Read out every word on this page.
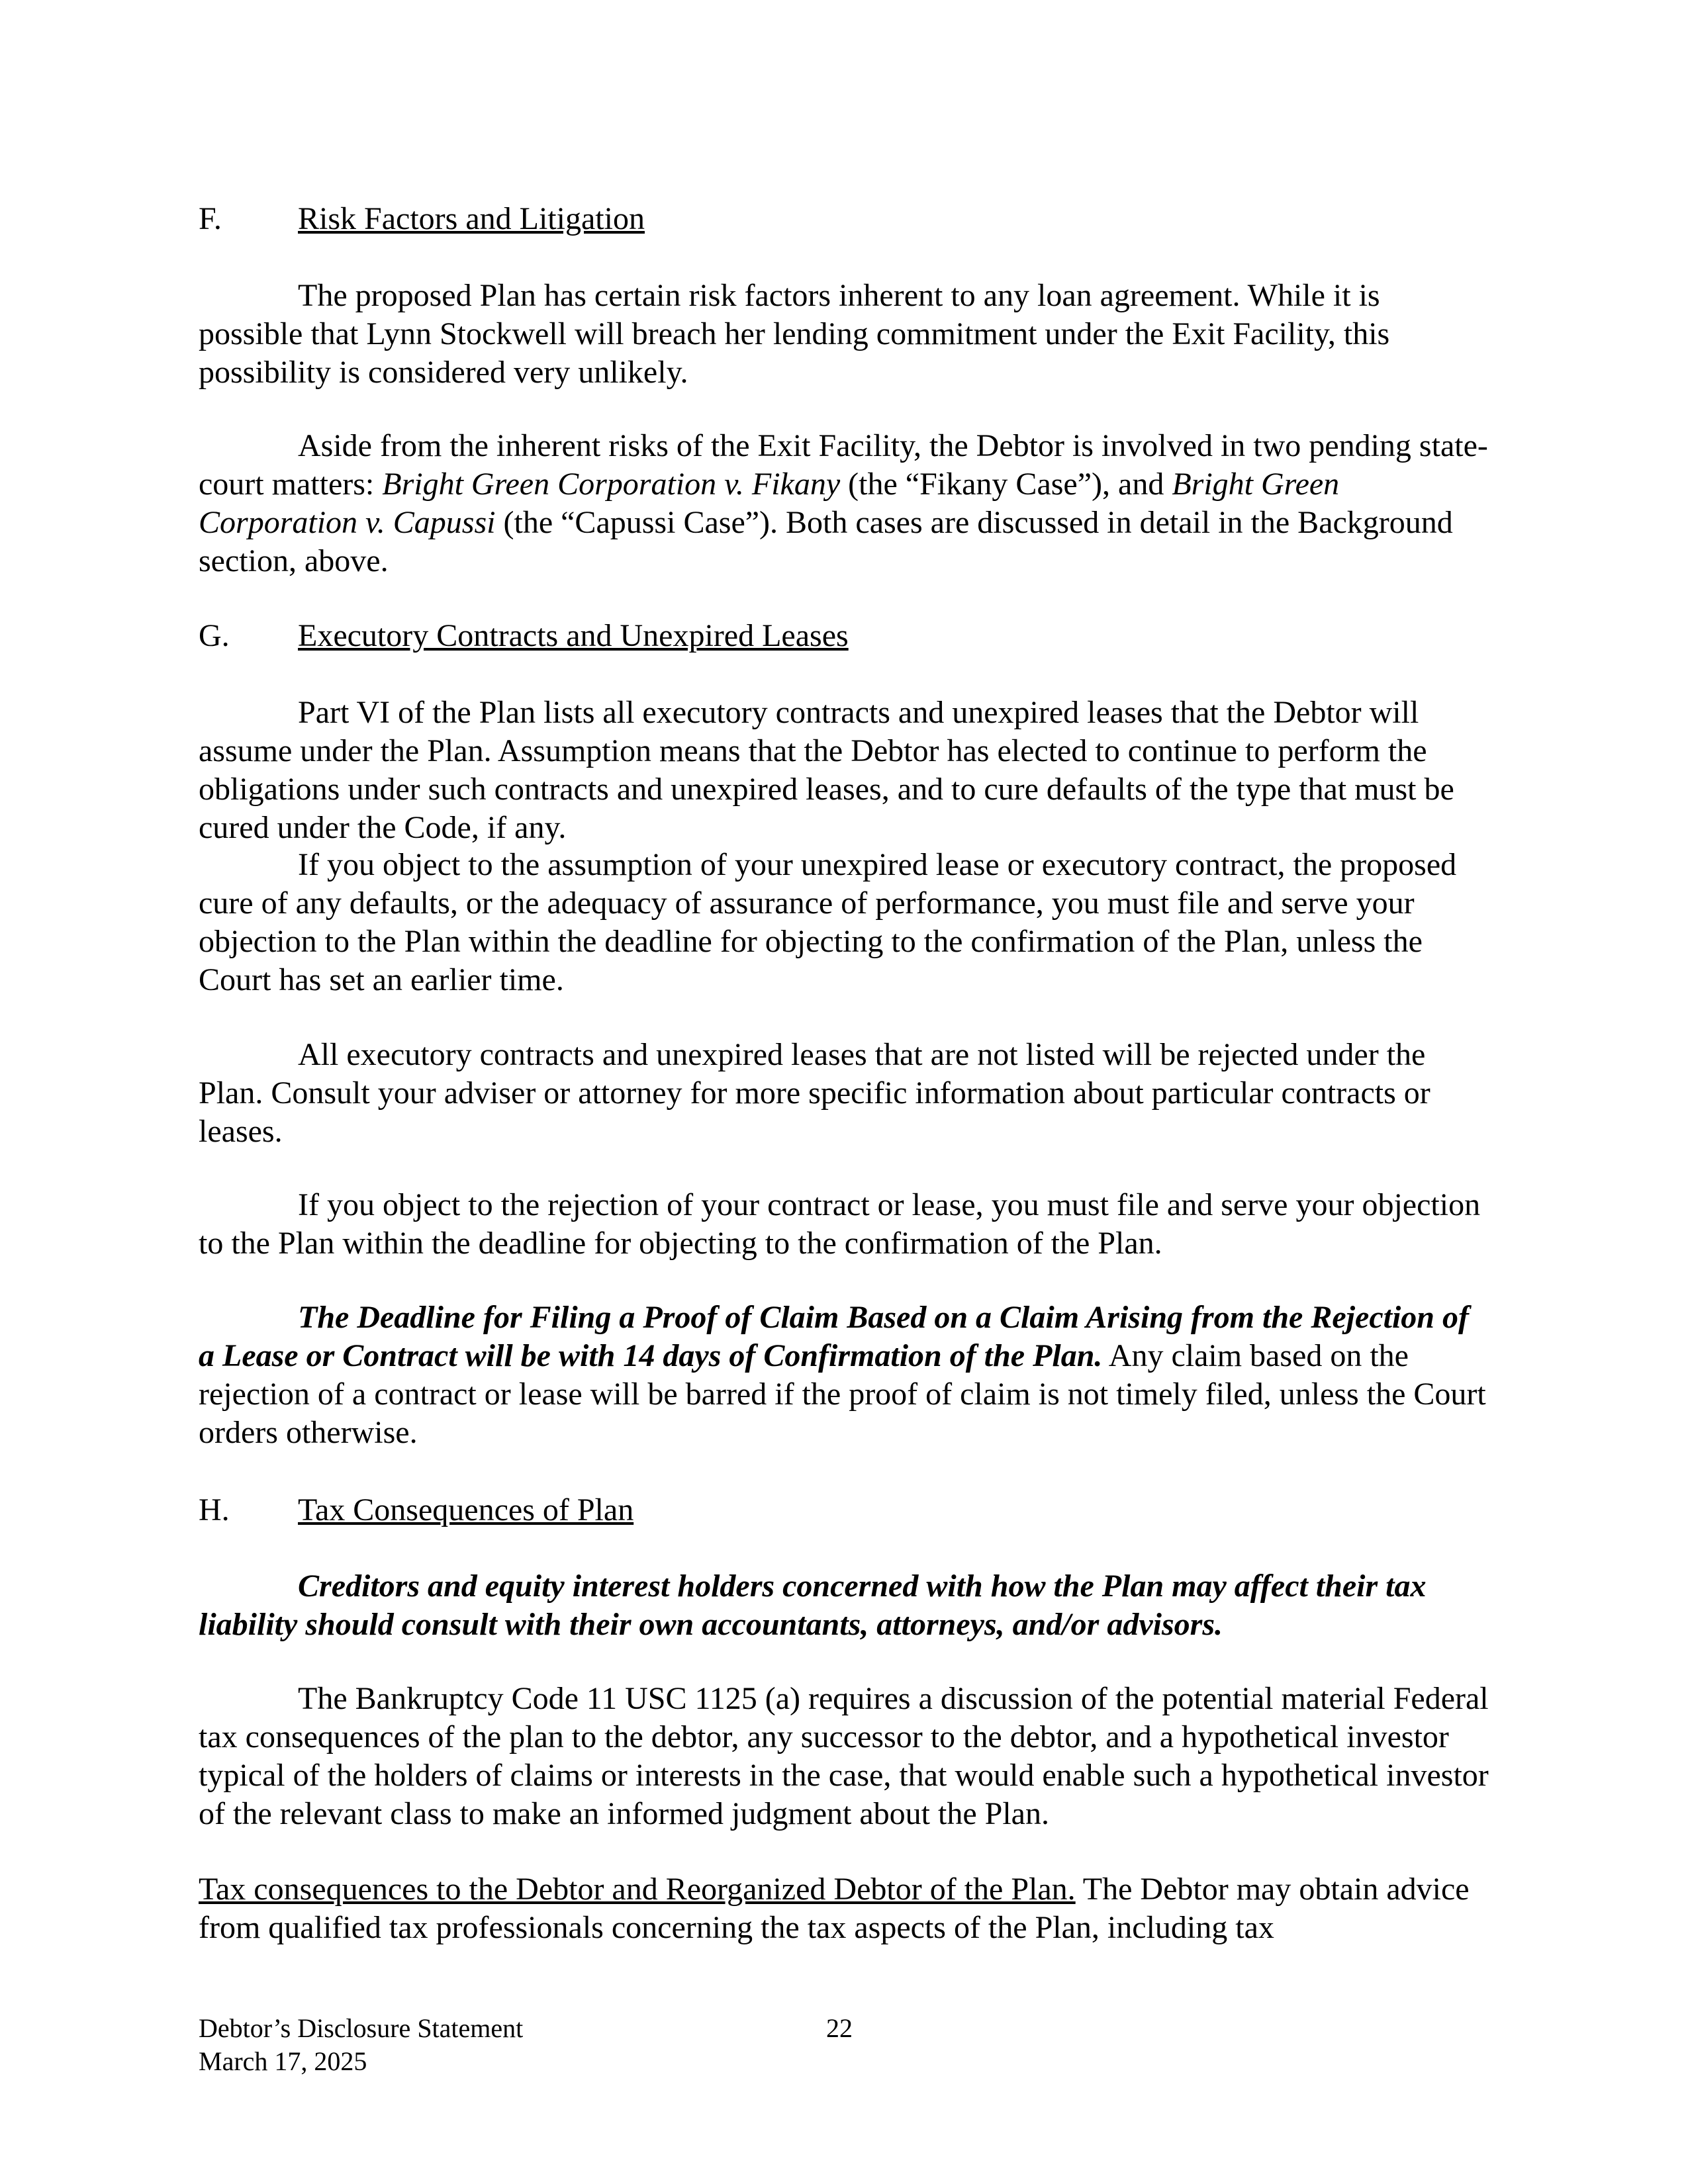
F. Risk Factors and Litigation

The proposed Plan has certain risk factors inherent to any loan agreement. While it is possible that Lynn Stockwell will breach her lending commitment under the Exit Facility, this possibility is considered very unlikely.

Aside from the inherent risks of the Exit Facility, the Debtor is involved in two pending state-court matters: Bright Green Corporation v. Fikany (the “Fikany Case”), and Bright Green Corporation v. Capussi (the “Capussi Case”). Both cases are discussed in detail in the Background section, above.

G. Executory Contracts and Unexpired Leases

Part VI of the Plan lists all executory contracts and unexpired leases that the Debtor will assume under the Plan. Assumption means that the Debtor has elected to continue to perform the obligations under such contracts and unexpired leases, and to cure defaults of the type that must be cured under the Code, if any.

If you object to the assumption of your unexpired lease or executory contract, the proposed cure of any defaults, or the adequacy of assurance of performance, you must file and serve your objection to the Plan within the deadline for objecting to the confirmation of the Plan, unless the Court has set an earlier time.

All executory contracts and unexpired leases that are not listed will be rejected under the Plan. Consult your adviser or attorney for more specific information about particular contracts or leases.

If you object to the rejection of your contract or lease, you must file and serve your objection to the Plan within the deadline for objecting to the confirmation of the Plan.

The Deadline for Filing a Proof of Claim Based on a Claim Arising from the Rejection of a Lease or Contract will be with 14 days of Confirmation of the Plan. Any claim based on the rejection of a contract or lease will be barred if the proof of claim is not timely filed, unless the Court orders otherwise.

H. Tax Consequences of Plan

Creditors and equity interest holders concerned with how the Plan may affect their tax liability should consult with their own accountants, attorneys, and/or advisors.

The Bankruptcy Code 11 USC 1125 (a) requires a discussion of the potential material Federal tax consequences of the plan to the debtor, any successor to the debtor, and a hypothetical investor typical of the holders of claims or interests in the case, that would enable such a hypothetical investor of the relevant class to make an informed judgment about the Plan.

Tax consequences to the Debtor and Reorganized Debtor of the Plan. The Debtor may obtain advice from qualified tax professionals concerning the tax aspects of the Plan, including tax

Debtor’s Disclosure Statement
March 17, 2025
22
